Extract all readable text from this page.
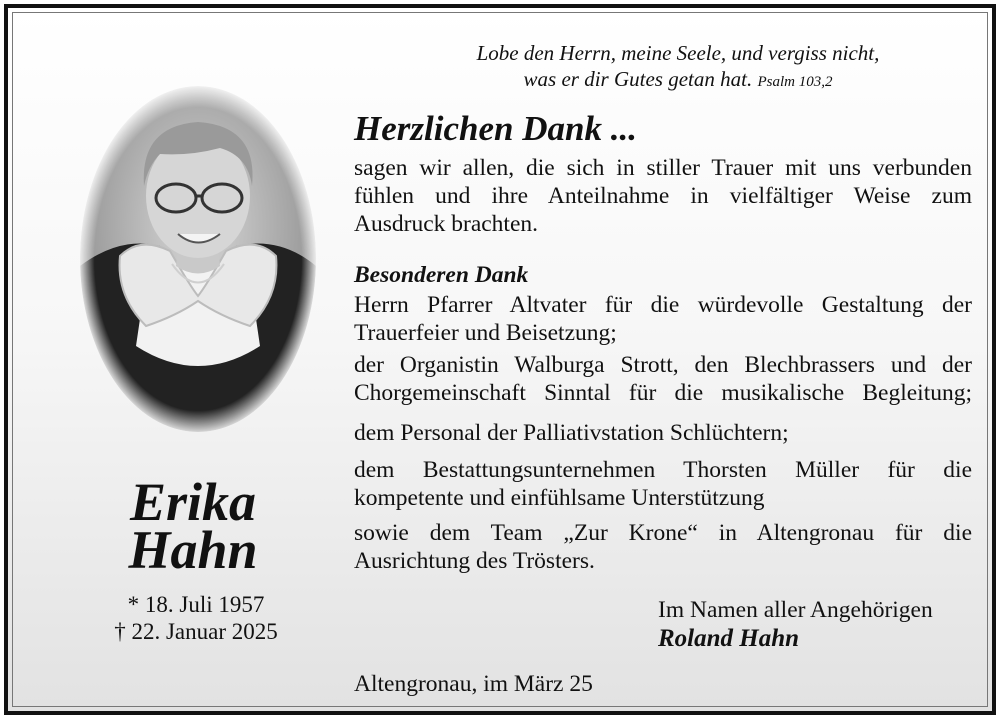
Erika
Hahn
* 18. Juli 1957
† 22. Januar 2025
Lobe den Herrn, meine Seele, und vergiss nicht,
was er dir Gutes getan hat. Psalm 103,2
Herzlichen Dank ...
sagen wir allen, die sich in stiller Trauer mit uns verbunden
fühlen und ihre Anteilnahme in vielfältiger Weise zum
Ausdruck brachten.
Besonderen Dank
Herrn Pfarrer Altvater für die würdevolle Gestaltung der
Trauerfeier und Beisetzung;
der Organistin Walburga Strott, den Blechbrassers und der
Chorgemeinschaft Sinntal für die musikalische Begleitung;
dem Personal der Palliativstation Schlüchtern;
dem Bestattungsunternehmen Thorsten Müller für die
kompetente und einfühlsame Unterstützung
sowie dem Team „Zur Krone“ in Altengronau für die
Ausrichtung des Trösters.
Im Namen aller Angehörigen
Roland Hahn
Altengronau, im März 25
